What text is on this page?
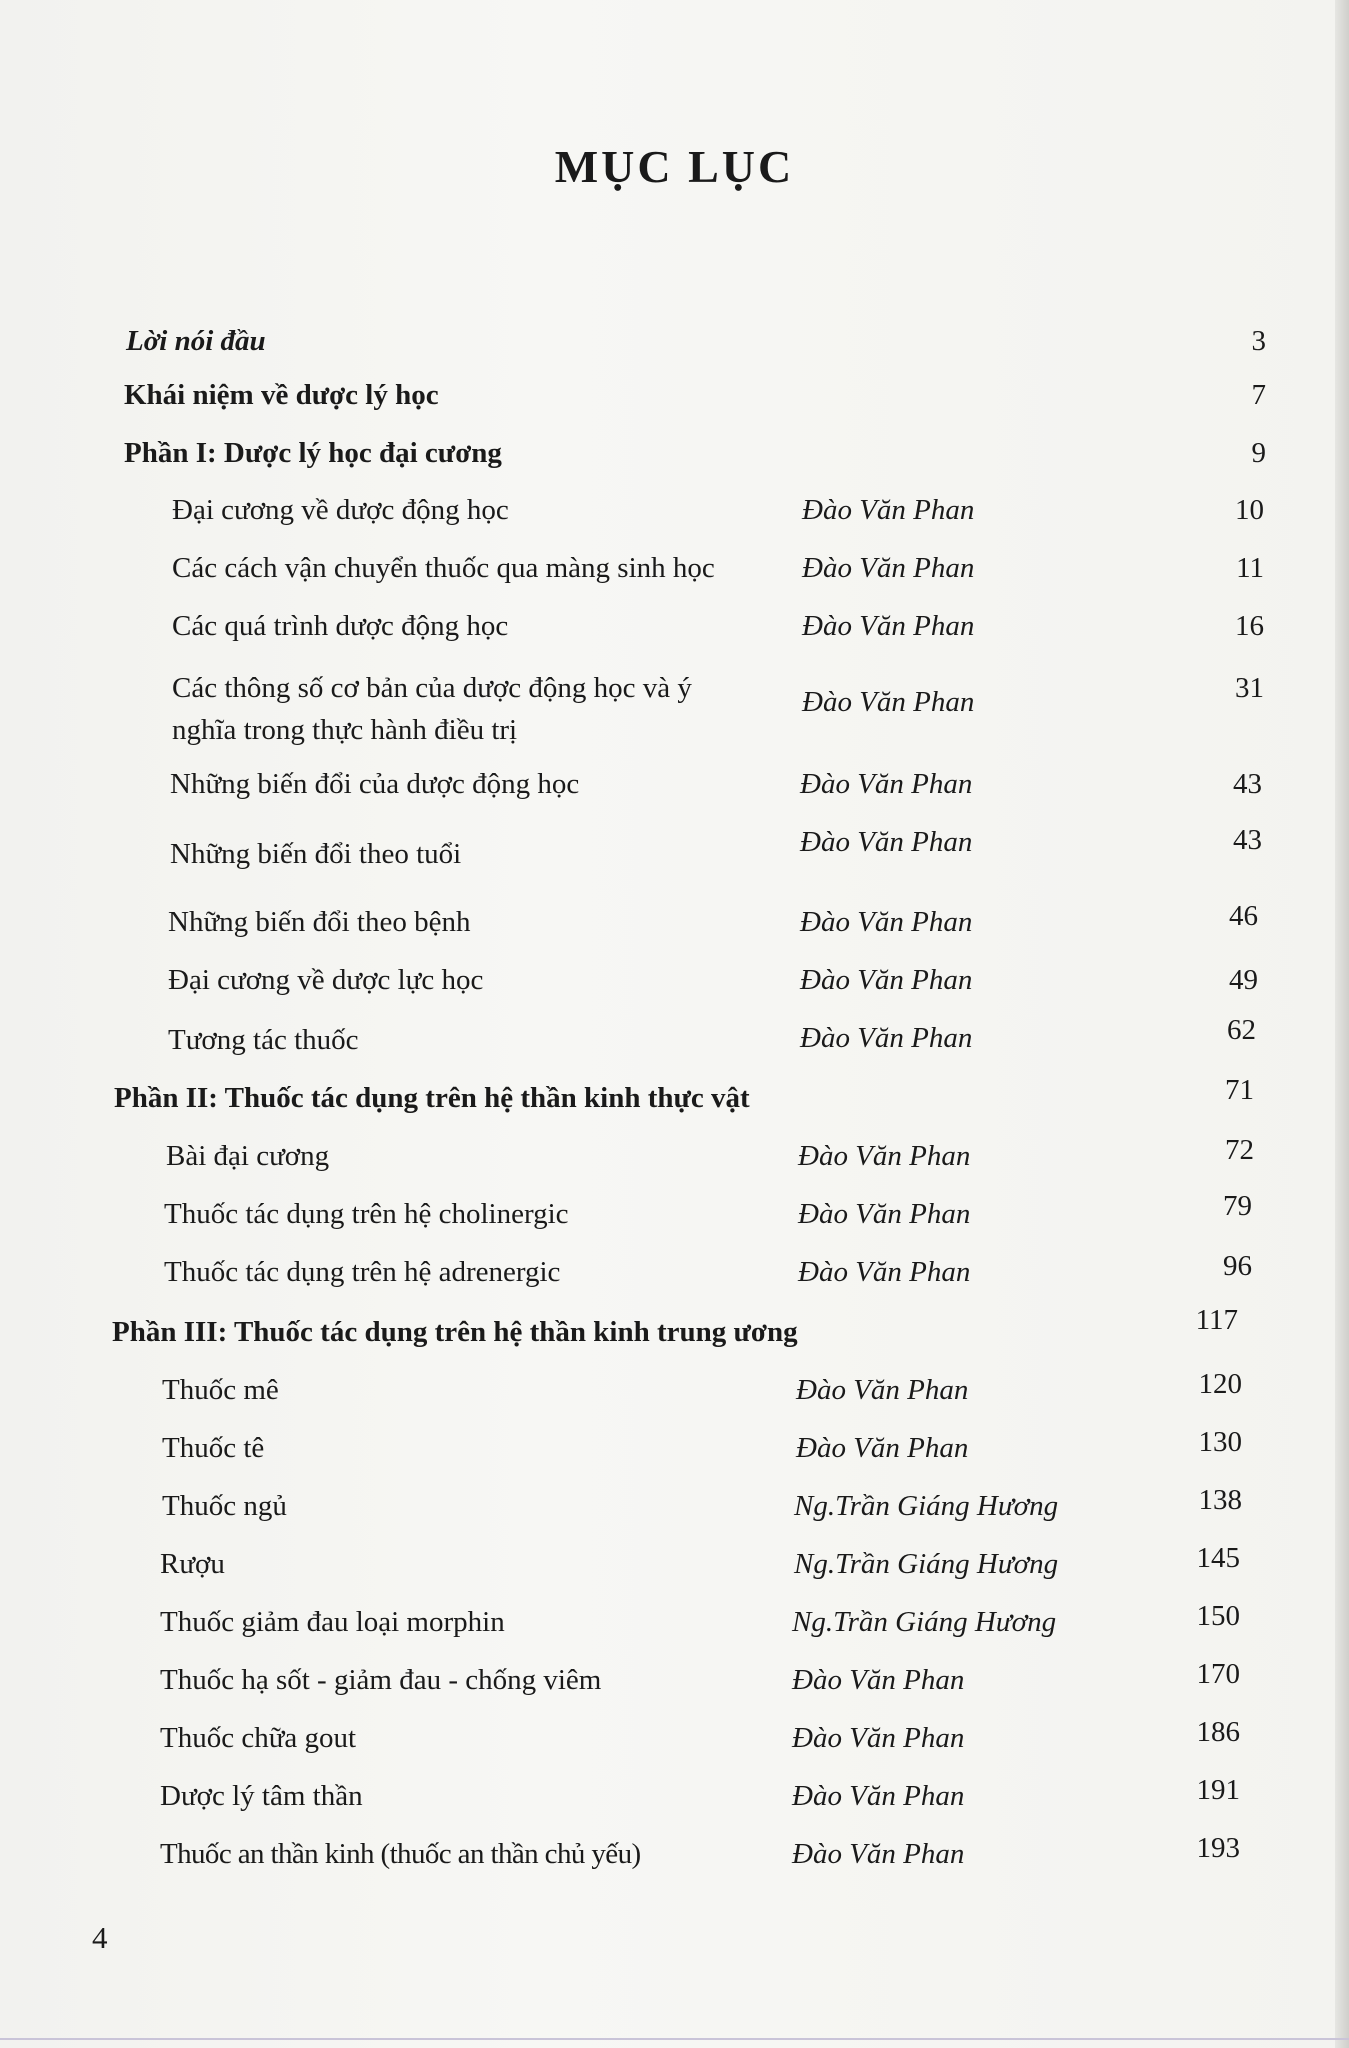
MỤC LỤC
Lời nói đầu	3
Khái niệm về dược lý học	7
Phần I: Dược lý học đại cương	9
Đại cương về dược động học	Đào Văn Phan	10
Các cách vận chuyển thuốc qua màng sinh học	Đào Văn Phan	11
Các quá trình dược động học	Đào Văn Phan	16
Các thông số cơ bản của dược động học và ý
nghĩa trong thực hành điều trị
Đào Văn Phan	31
Những biến đổi của dược động học	Đào Văn Phan	43
Những biến đổi theo tuổi	Đào Văn Phan	43
Những biến đổi theo bệnh	Đào Văn Phan	46
Đại cương về dược lực học	Đào Văn Phan	49
Tương tác thuốc	Đào Văn Phan	62
Phần II: Thuốc tác dụng trên hệ thần kinh thực vật	71
Bài đại cương	Đào Văn Phan	72
Thuốc tác dụng trên hệ cholinergic	Đào Văn Phan	79
Thuốc tác dụng trên hệ adrenergic	Đào Văn Phan	96
Phần III: Thuốc tác dụng trên hệ thần kinh trung ương	117
Thuốc mê	Đào Văn Phan	120
Thuốc tê	Đào Văn Phan	130
Thuốc ngủ	Ng.Trần Giáng Hương	138
Rượu	Ng.Trần Giáng Hương	145
Thuốc giảm đau loại morphin	Ng.Trần Giáng Hương	150
Thuốc hạ sốt - giảm đau - chống viêm	Đào Văn Phan	170
Thuốc chữa gout	Đào Văn Phan	186
Dược lý tâm thần	Đào Văn Phan	191
Thuốc an thần kinh (thuốc an thần chủ yếu)	Đào Văn Phan	193
4
